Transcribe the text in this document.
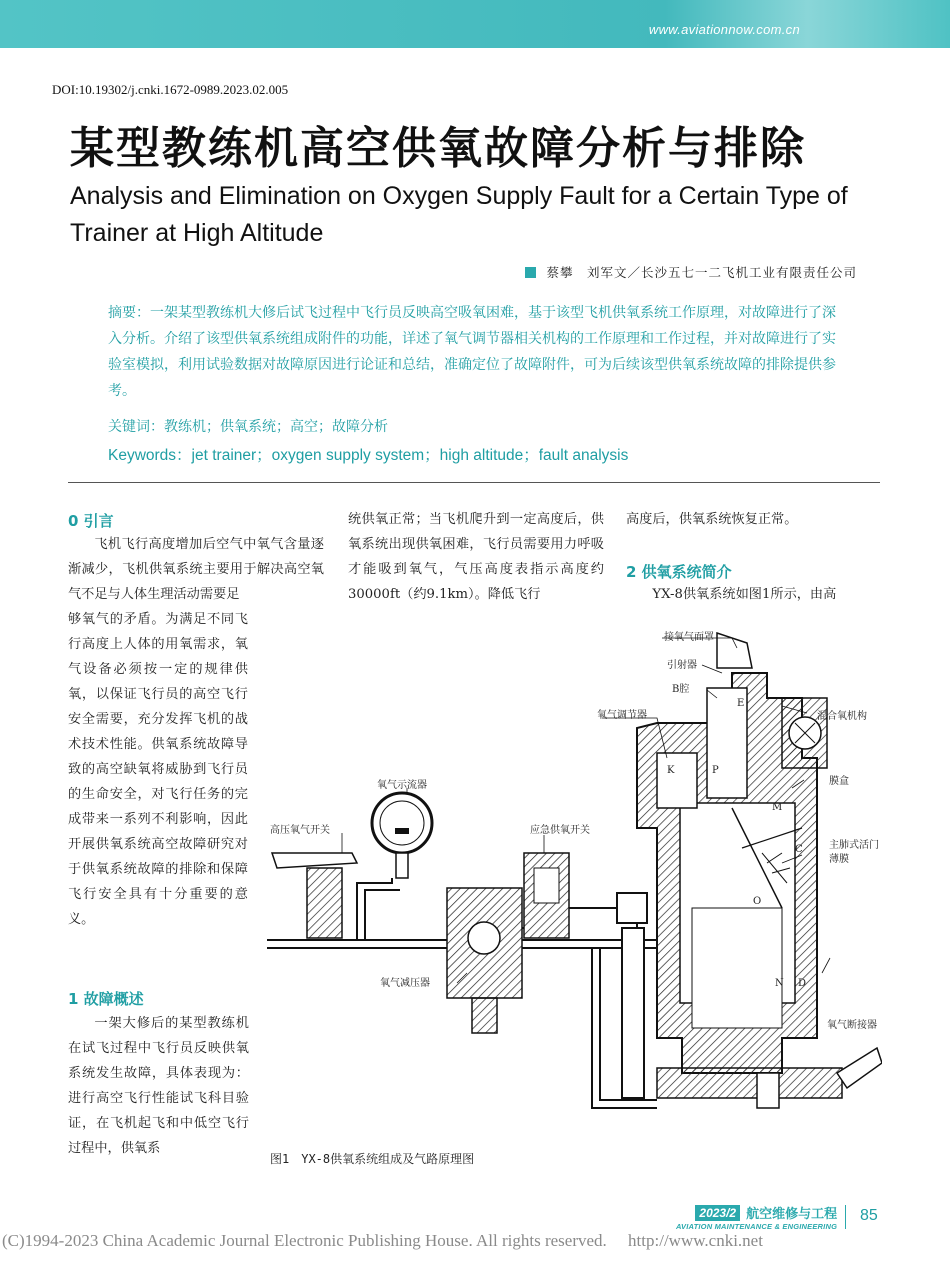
www.aviationnow.com.cn
DOI:10.19302/j.cnki.1672-0989.2023.02.005
某型教练机高空供氧故障分析与排除
Analysis and Elimination on Oxygen Supply Fault for a Certain Type of Trainer at High Altitude
蔡攀　刘军文／长沙五七一二飞机工业有限责任公司
摘要：一架某型教练机大修后试飞过程中飞行员反映高空吸氧困难，基于该型飞机供氧系统工作原理，对故障进行了深入分析。介绍了该型供氧系统组成附件的功能，详述了氧气调节器相关机构的工作原理和工作过程，并对故障进行了实验室模拟，利用试验数据对故障原因进行论证和总结，准确定位了故障附件，可为后续该型供氧系统故障的排除提供参考。
关键词：教练机；供氧系统；高空；故障分析
Keywords：jet trainer；oxygen supply system；high altitude；fault analysis
0 引言
飞机飞行高度增加后空气中氧气含量逐渐减少，飞机供氧系统主要用于解决高空氧气不足与人体生理活动需要足
够氧气的矛盾。为满足不同飞行高度上人体的用氧需求，氧气设备必须按一定的规律供氧，以保证飞行员的高空飞行安全需要，充分发挥飞机的战术技术性能。供氧系统故障导致的高空缺氧将威胁到飞行员的生命安全，对飞行任务的完成带来一系列不利影响，因此开展供氧系统高空故障研究对于供氧系统故障的排除和保障飞行安全具有十分重要的意义。
1 故障概述
一架大修后的某型教练机在试飞过程中飞行员反映供氧系统发生故障，具体表现为：进行高空飞行性能试飞科目验证，在飞机起飞和中低空飞行过程中，供氧系
统供氧正常；当飞机爬升到一定高度后，供氧系统出现供氧困难，飞行员需要用力呼吸才能吸到氧气，气压高度表指示高度约30000ft（约9.1km）。降低飞行
高度后，供氧系统恢复正常。
2 供氧系统简介
YX-8供氧系统如图1所示，由高
接氧气面罩
引射器
B腔
氧气调节器	混合氧机构
氧气示流器	膜盒
高压氧气开关	应急供氧开关
主肺式活门
薄膜
氧气减压器
氧气断接器
E
K	P
M
C
O
N D
图1　YX-8供氧系统组成及气路原理图
2023/2 航空维修与工程
AVIATION MAINTENANCE & ENGINEERING
85
(C)1994-2023 China Academic Journal Electronic Publishing House. All rights reserved.　 http://www.cnki.net
